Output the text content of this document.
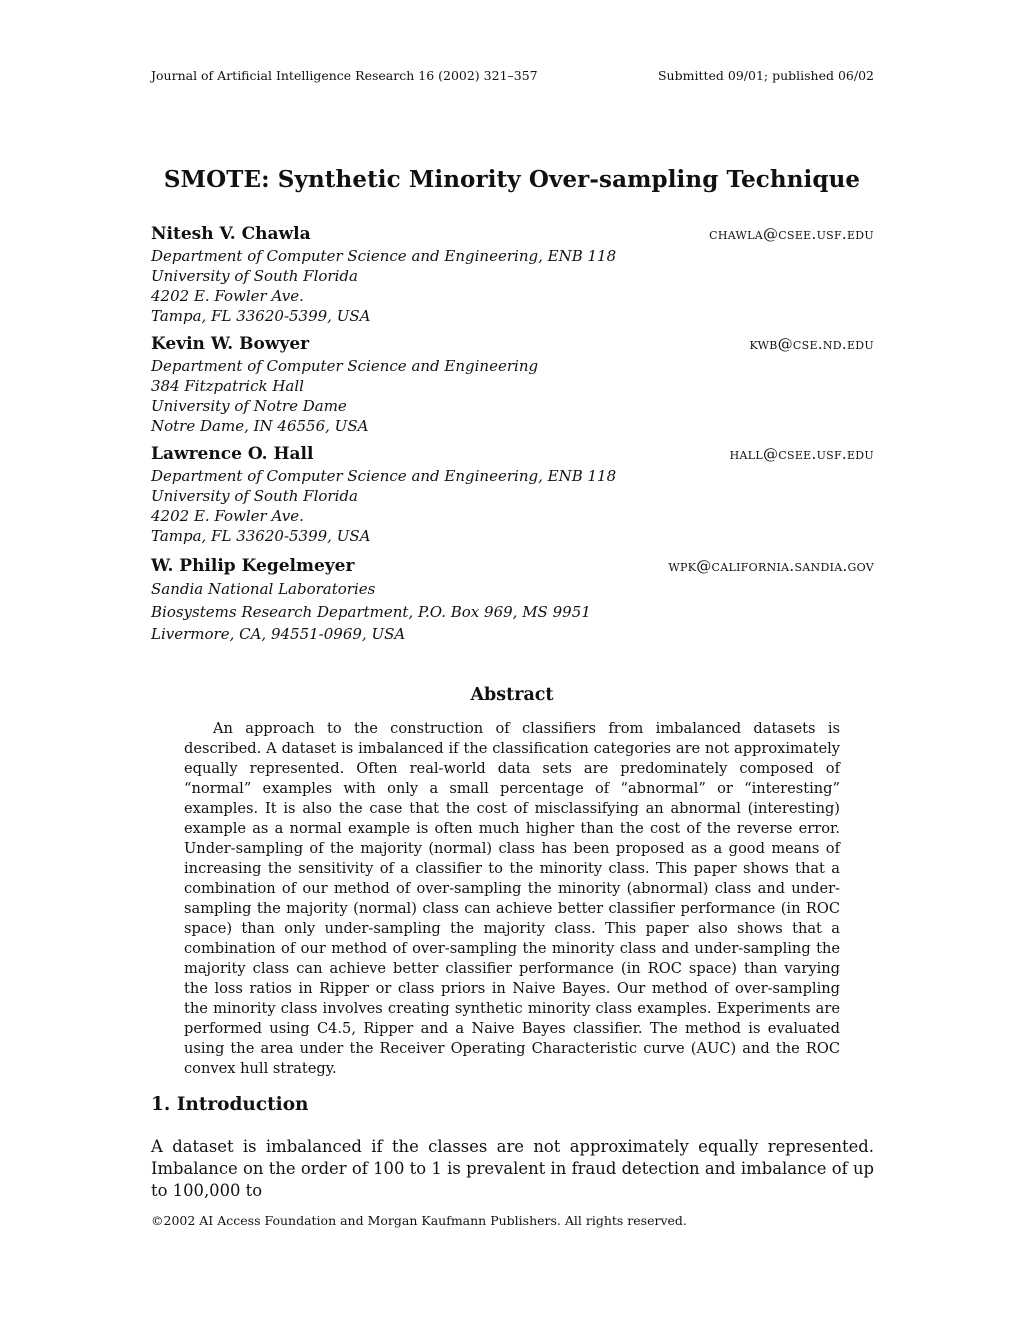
Journal of Artificial Intelligence Research 16 (2002) 321–357	Submitted 09/01; published 06/02
SMOTE: Synthetic Minority Over-sampling Technique
Nitesh V. Chawla	chawla@csee.usf.edu

Department of Computer Science and Engineering, ENB 118

University of South Florida

4202 E. Fowler Ave.

Tampa, FL 33620-5399, USA

Kevin W. Bowyer	kwb@cse.nd.edu

Department of Computer Science and Engineering

384 Fitzpatrick Hall

University of Notre Dame

Notre Dame, IN 46556, USA

Lawrence O. Hall	hall@csee.usf.edu

Department of Computer Science and Engineering, ENB 118

University of South Florida

4202 E. Fowler Ave.

Tampa, FL 33620-5399, USA

W. Philip Kegelmeyer	wpk@california.sandia.gov

Sandia National Laboratories

Biosystems Research Department, P.O. Box 969, MS 9951

Livermore, CA, 94551-0969, USA

Abstract

An approach to the construction of classifiers from imbalanced datasets is described. A dataset is imbalanced if the classification categories are not approximately equally represented. Often real-world data sets are predominately composed of “normal” examples with only a small percentage of “abnormal” or “interesting” examples. It is also the case that the cost of misclassifying an abnormal (interesting) example as a normal example is often much higher than the cost of the reverse error. Under-sampling of the majority (normal) class has been proposed as a good means of increasing the sensitivity of a classifier to the minority class. This paper shows that a combination of our method of over-sampling the minority (abnormal) class and under-sampling the majority (normal) class can achieve better classifier performance (in ROC space) than only under-sampling the majority class. This paper also shows that a combination of our method of over-sampling the minority class and under-sampling the majority class can achieve better classifier performance (in ROC space) than varying the loss ratios in Ripper or class priors in Naive Bayes. Our method of over-sampling the minority class involves creating synthetic minority class examples. Experiments are performed using C4.5, Ripper and a Naive Bayes classifier. The method is evaluated using the area under the Receiver Operating Characteristic curve (AUC) and the ROC convex hull strategy.

1. Introduction

A dataset is imbalanced if the classes are not approximately equally represented. Imbalance on the order of 100 to 1 is prevalent in fraud detection and imbalance of up to 100,000 to

©2002 AI Access Foundation and Morgan Kaufmann Publishers. All rights reserved.
